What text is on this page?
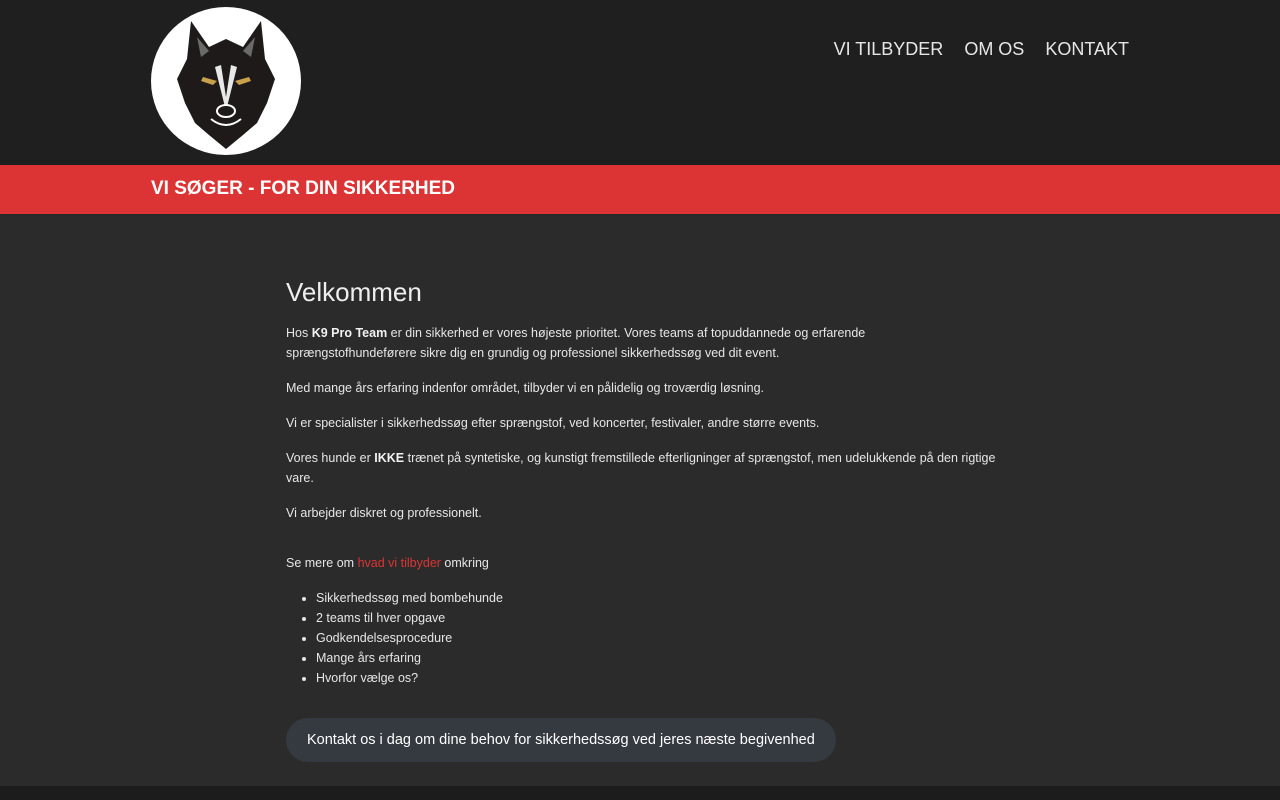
VI TILBYDER OM OS KONTAKT
VI SØGER - FOR DIN SIKKERHED
Velkommen

Hos K9 Pro Team er din sikkerhed er vores højeste prioritet. Vores teams af topuddannede og erfarende sprængstofhundeførere sikre dig en grundig og professionel sikkerhedssøg ved dit event.

Med mange års erfaring indenfor området, tilbyder vi en pålidelig og troværdig løsning.

Vi er specialister i sikkerhedssøg efter sprængstof, ved koncerter, festivaler, andre større events.

Vores hunde er IKKE trænet på syntetiske, og kunstigt fremstillede efterligninger af sprængstof, men udelukkende på den rigtige vare.

Vi arbejder diskret og professionelt.

Se mere om hvad vi tilbyder omkring

• Sikkerhedssøg med bombehunde
• 2 teams til hver opgave
• Godkendelsesprocedure
• Mange års erfaring
• Hvorfor vælge os?
Kontakt os i dag om dine behov for sikkerhedssøg ved jeres næste begivenhed
